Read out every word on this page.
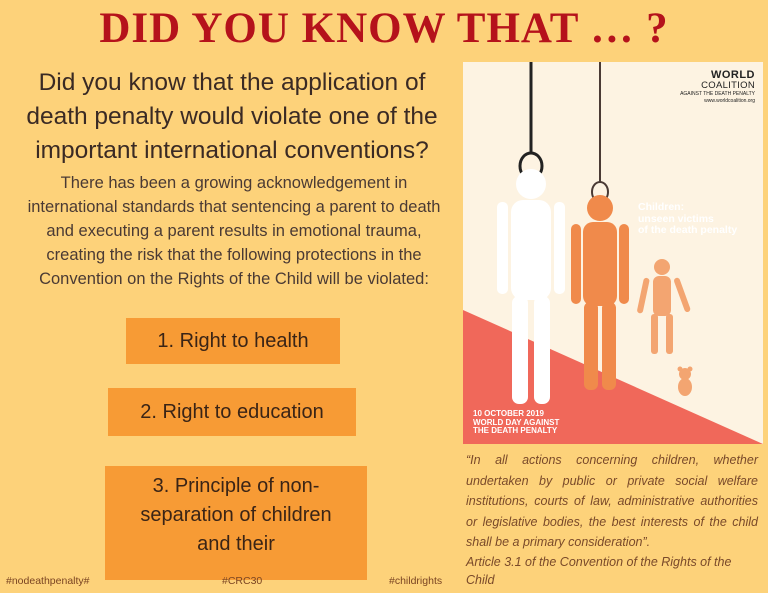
DID YOU KNOW THAT … ?
Did you know that the application of death penalty would violate one of the important international conventions?
There has been a growing acknowledgement in international standards that sentencing a parent to death and executing a parent results in emotional trauma, creating the risk that the following protections in the Convention on the Rights of the Child will be violated:
1. Right to health
2. Right to education
3. Principle of non-separation of children and their
#nodeathpenalty#	#CRC30	#childrights
WORLD
COALITION
AGAINST THE DEATH PENALTY
www.worldcoalition.org
Children:
unseen victims
of the death penalty
10 OCTOBER 2019
WORLD DAY AGAINST
THE DEATH PENALTY
“In all actions concerning children, whether undertaken by public or private social welfare institutions, courts of law, administrative authorities or legislative bodies, the best interests of the child shall be a primary consideration”.
Article 3.1 of the Convention of the Rights of the Child
